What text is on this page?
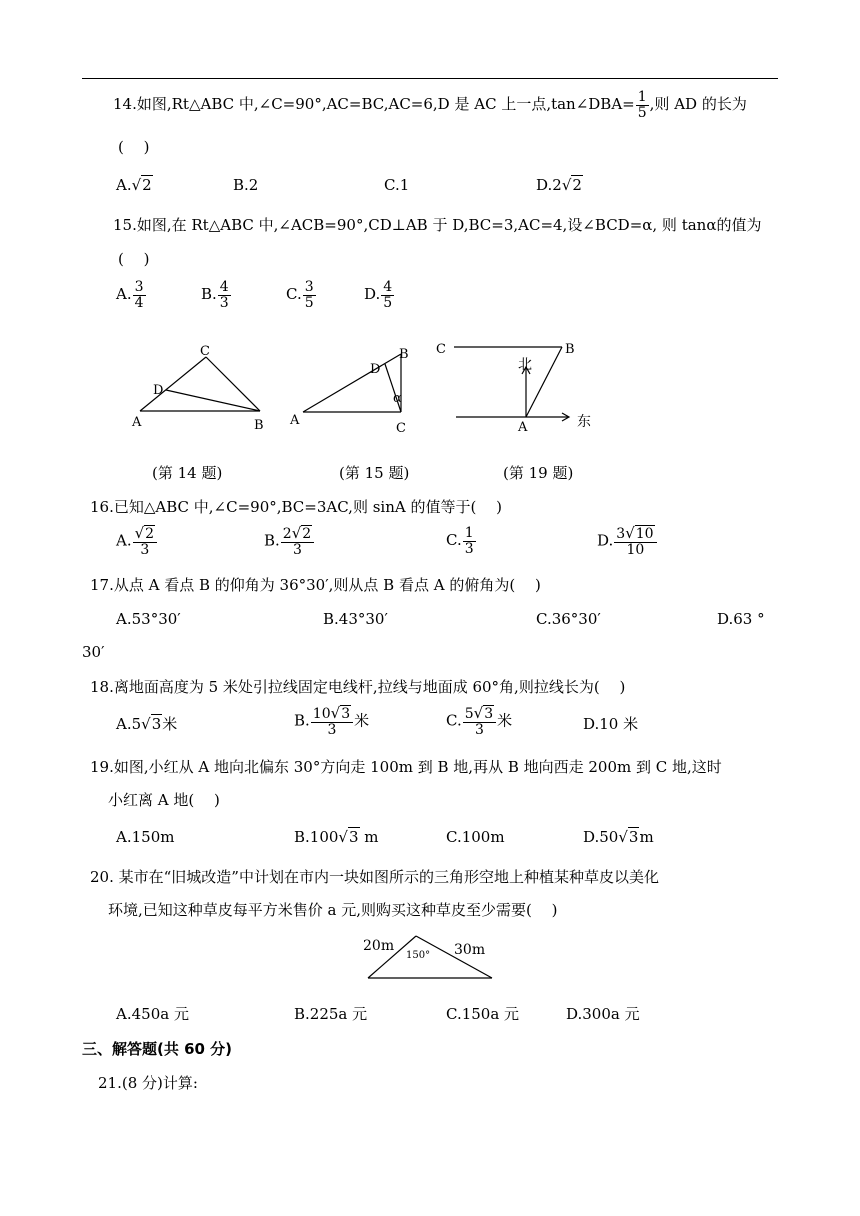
14.如图,Rt△ABC 中,∠C=90°,AC=BC,AC=6,D 是 AC 上一点,tan∠DBA= $\frac{1}{5}$ ,则 AD 的长为
(　 )
A.√2	B.2	C.1	D.2√2
15.如图,在 Rt△ABC 中,∠ACB=90°,CD⊥AB 于 D,BC=3,AC=4,设∠BCD=α, 则 tanα的值为
(　 )
A. $\frac{3}{4}$	B. $\frac{4}{3}$	C. $\frac{3}{5}$	D. $\frac{4}{5}$
C
D
A	B
B
D
α
A
C
C	B
北
东
A
(第 14 题)	(第 15 题)	(第 19 题)
16.已知△ABC 中,∠C=90°,BC=3AC,则 sinA 的值等于(　 )
A. $\frac{√2}{3}$	B. $\frac{2√2}{3}$	C. $\frac{1}{3}$	D. $\frac{3√10}{10}$
17.从点 A 看点 B 的仰角为 36°30′,则从点 B 看点 A 的俯角为(　 )
A.53°30′	B.43°30′	C.36°30′	D.63 °
30′
18.离地面高度为 5 米处引拉线固定电线杆,拉线与地面成 60°角,则拉线长为(　 )
A.5√3米	B. $\frac{10√3}{3}$ 米	C. $\frac{5√3}{3}$ 米	D.10 米
19.如图,小红从 A 地向北偏东 30°方向走 100m 到 B 地,再从 B 地向西走 200m 到 C 地,这时
小红离 A 地(　 )
A.150m	B.100√3 m	C.100m	D.50√3m
20. 某市在“旧城改造”中计划在市内一块如图所示的三角形空地上种植某种草皮以美化
环境,已知这种草皮每平方米售价 a 元,则购买这种草皮至少需要(　 )
20m	30m
150°
A.450a 元	B.225a 元	C.150a 元	D.300a 元
三、解答题(共 60 分)
21.(8 分)计算:
